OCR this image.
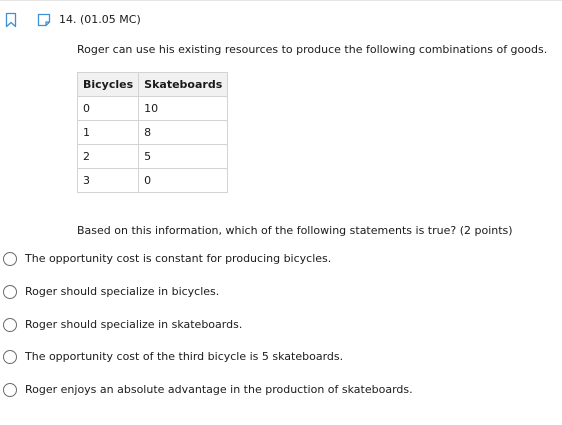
14. (01.05 MC)
Roger can use his existing resources to produce the following combinations of goods.
Bicycles	Skateboards
0	10
1	8
2	5
3	0
Based on this information, which of the following statements is true? (2 points)
The opportunity cost is constant for producing bicycles.
Roger should specialize in bicycles.
Roger should specialize in skateboards.
The opportunity cost of the third bicycle is 5 skateboards.
Roger enjoys an absolute advantage in the production of skateboards.
